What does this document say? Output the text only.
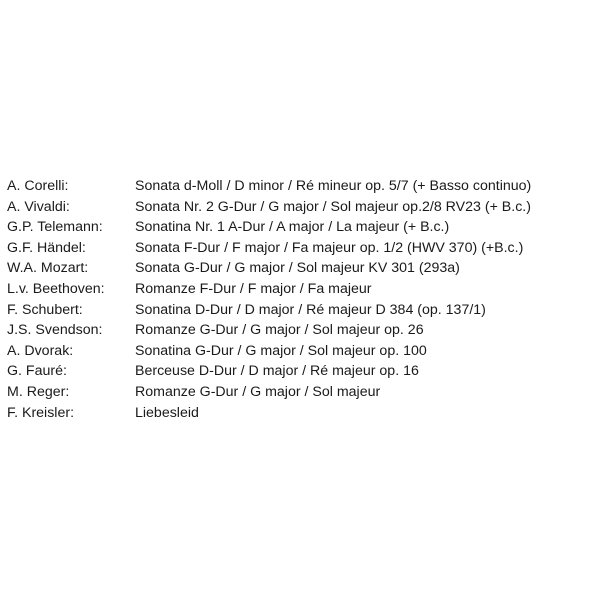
A. Corelli:	Sonata d-Moll / D minor / Ré mineur op. 5/7 (+ Basso continuo)
A. Vivaldi:	Sonata Nr. 2 G-Dur / G major / Sol majeur op.2/8 RV23 (+ B.c.)
G.P. Telemann:	Sonatina Nr. 1 A-Dur / A major / La majeur (+ B.c.)
G.F. Händel:	Sonata F-Dur / F major / Fa majeur op. 1/2 (HWV 370) (+B.c.)
W.A. Mozart:	Sonata G-Dur / G major / Sol majeur KV 301 (293a)
L.v. Beethoven:	Romanze F-Dur / F major / Fa majeur
F. Schubert:	Sonatina D-Dur / D major / Ré majeur D 384 (op. 137/1)
J.S. Svendson:	Romanze G-Dur / G major / Sol majeur op. 26
A. Dvorak:	Sonatina G-Dur / G major / Sol majeur op. 100
G. Fauré:	Berceuse D-Dur / D major / Ré majeur op. 16
M. Reger:	Romanze G-Dur / G major / Sol majeur
F. Kreisler:	Liebesleid
